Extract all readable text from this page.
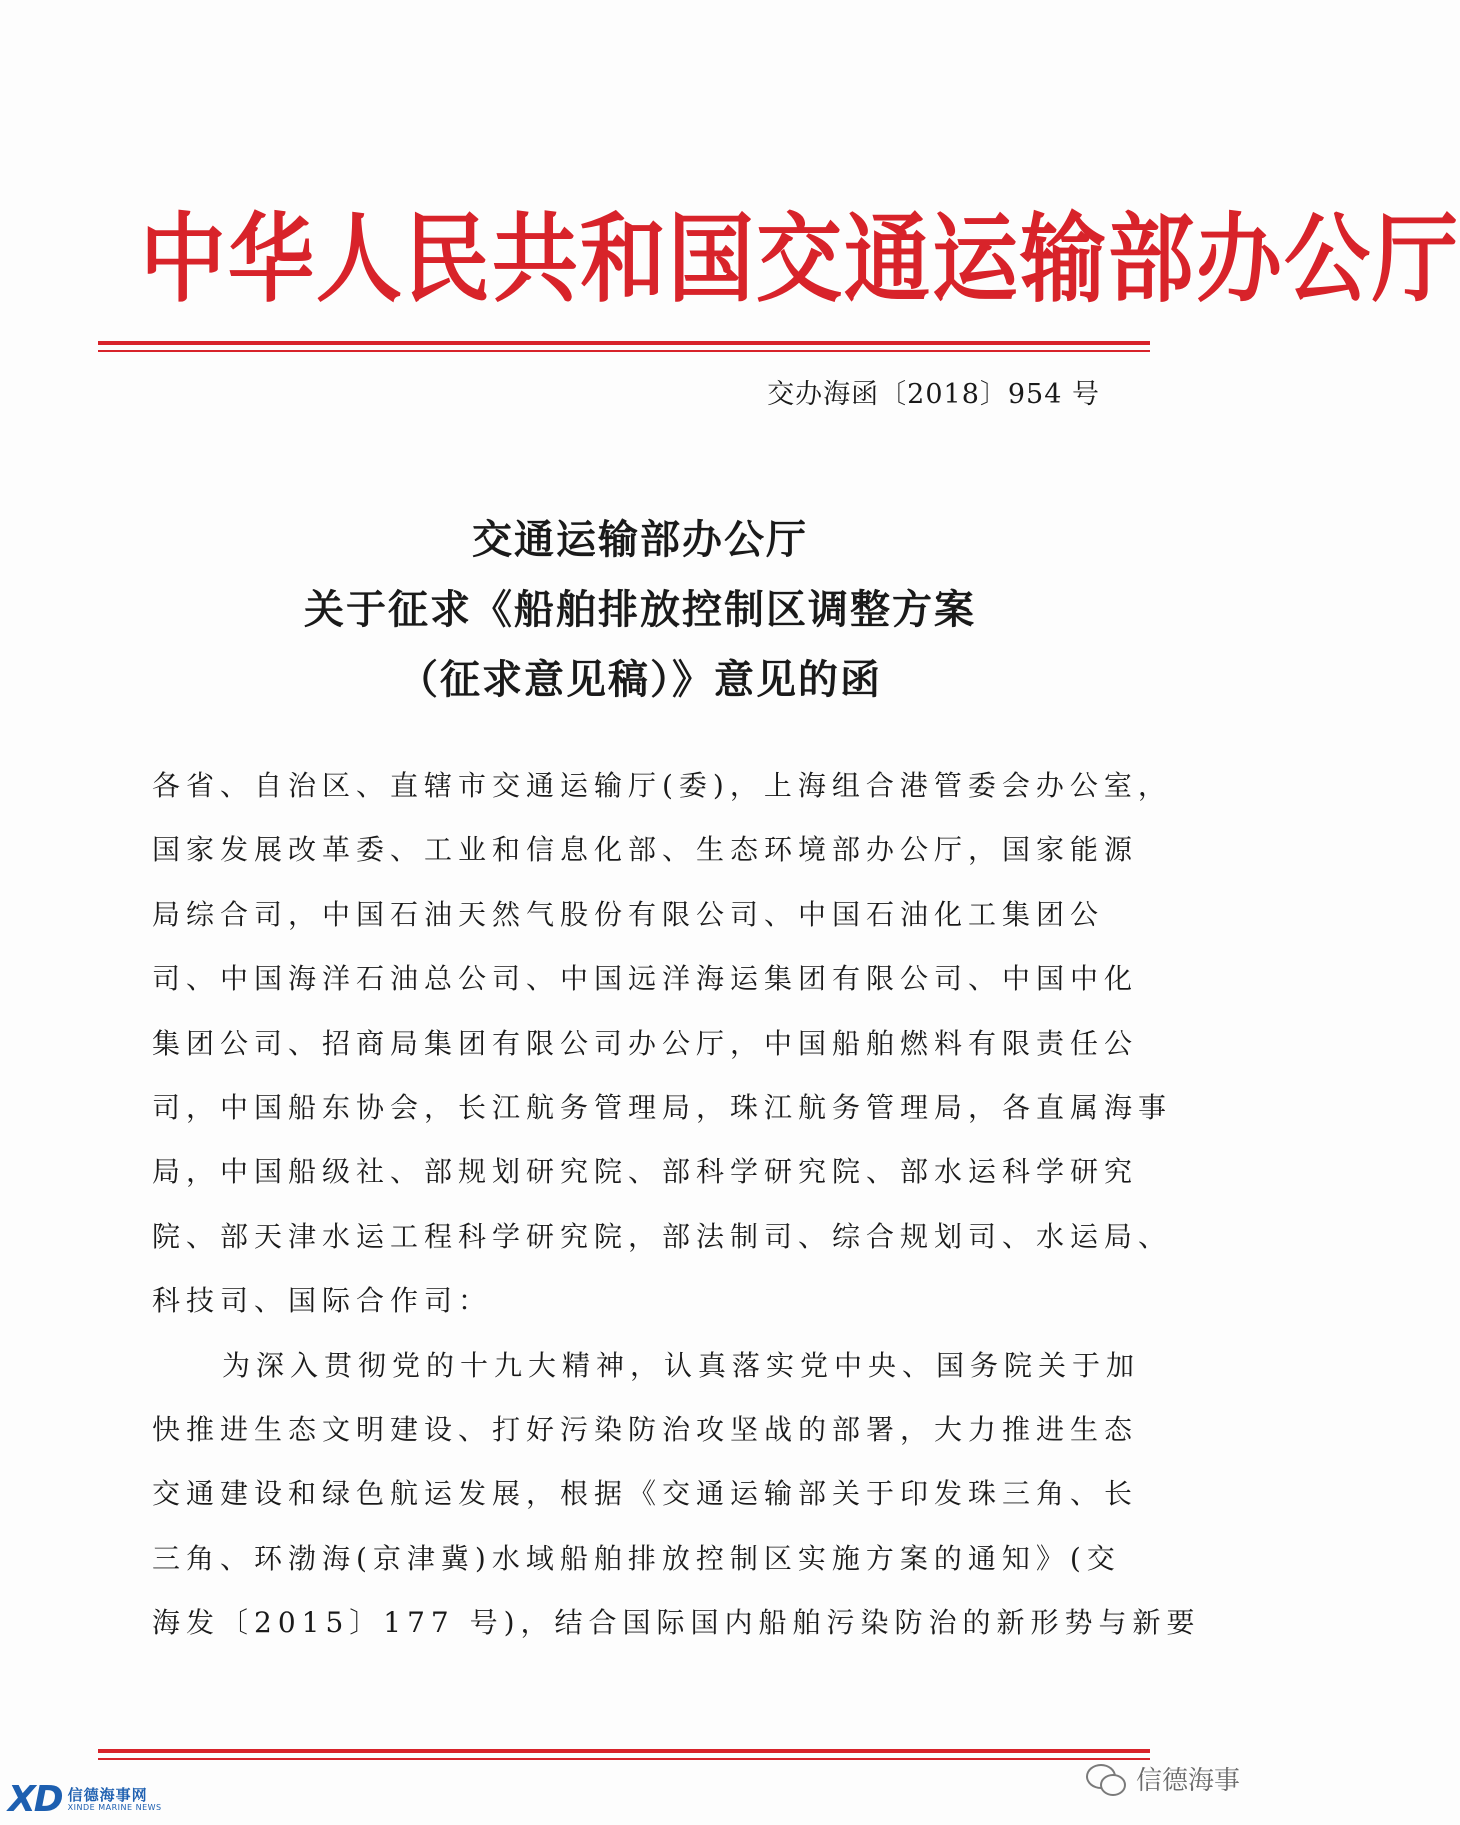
中华人民共和国交通运输部办公厅
交办海函〔2018〕954 号
交通运输部办公厅
关于征求《船舶排放控制区调整方案
（征求意见稿）》意见的函
各省、自治区、直辖市交通运输厅(委)，上海组合港管委会办公室，
国家发展改革委、工业和信息化部、生态环境部办公厅，国家能源
局综合司，中国石油天然气股份有限公司、中国石油化工集团公
司、中国海洋石油总公司、中国远洋海运集团有限公司、中国中化
集团公司、招商局集团有限公司办公厅，中国船舶燃料有限责任公
司，中国船东协会，长江航务管理局，珠江航务管理局，各直属海事
局，中国船级社、部规划研究院、部科学研究院、部水运科学研究
院、部天津水运工程科学研究院，部法制司、综合规划司、水运局、
科技司、国际合作司：
为深入贯彻党的十九大精神，认真落实党中央、国务院关于加
快推进生态文明建设、打好污染防治攻坚战的部署，大力推进生态
交通建设和绿色航运发展，根据《交通运输部关于印发珠三角、长
三角、环渤海(京津冀)水域船舶排放控制区实施方案的通知》(交
海发〔2015〕177 号)，结合国际国内船舶污染防治的新形势与新要
XD 信德海事网
XINDE MARINE NEWS
信德海事
